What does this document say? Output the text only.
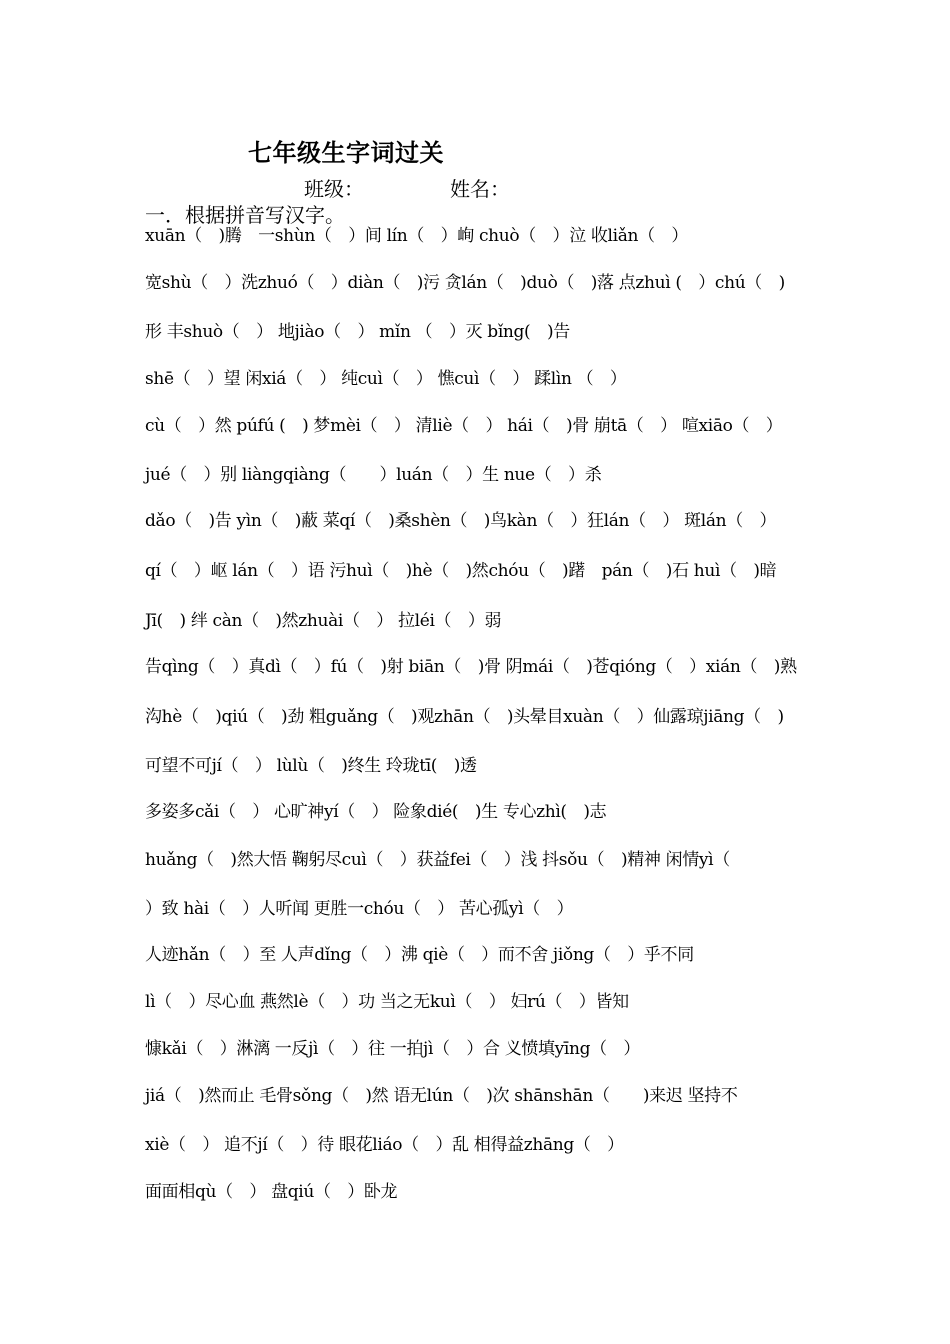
七年级生字词过关
班级：	姓名：
一．根据拼音写汉字。
xuān（　)腾　一shùn（　）间 lín（　）峋 chuò（　）泣 收liǎn（　）
宽shù（　）洗zhuó（　）diàn（　)污 贪lán（　)duò（　)落 点zhuì (　）chú（　)
形 丰shuò（　） 地jiào（　） mǐn （　）灭 bǐng(　)告
shē（　）望 闲xiá（　） 纯cuì（　） 憔cuì（　） 蹂lìn （　）
cù（　）然 púfú (　) 梦mèi（　） 清liè（　） hái（　)骨 崩tā（　） 喧xiāo（　）
jué（　）别 liàngqiàng（　　）luán（　）生 nue（　）杀
dǎo（　)告 yìn（　)蔽 菜qí（　)桑shèn（　)鸟kàn（　）狂lán（　） 斑lán（　）
qí（　）岖 lán（　）语 污huì（　)hè（　)然chóu（　)躇　pán（　)石 huì（　)暗
Jī(　) 绊 càn（　)然zhuài（　） 拉léi（　）弱
告qìng（　）真dì（　）fú（　)射 biān（　)骨 阴mái（　)苍qióng（　）xián（　)熟
沟hè（　)qiú（　)劲 粗guǎng（　)观zhān（　)头晕目xuàn（　）仙露琼jiāng（　)
可望不可jí（　） lùlù（　)终生 玲珑tī(　)透
多姿多cǎi（　） 心旷神yí（　） 险象dié(　)生 专心zhì(　)志
huǎng（　)然大悟 鞠躬尽cuì（　）获益fei（　）浅 抖sǒu（　)精神 闲情yì（
）致 hài（　）人听闻 更胜一chóu（　） 苦心孤yì（　）
人迹hǎn（　）至 人声dǐng（　）沸 qiè（　）而不舍 jiǒng（　）乎不同
lì（　）尽心血 燕然lè（　）功 当之无kuì（　） 妇rú（　）皆知
慷kǎi（　）淋漓 一反jì（　）往 一拍jì（　）合 义愤填yīng（　）
jiá（　)然而止 毛骨sǒng（　)然 语无lún（　)次 shānshān（　　)来迟 坚持不
xiè（　） 追不jí（　）待 眼花liáo（　）乱 相得益zhāng（　）
面面相qù（　） 盘qiú（　）卧龙
